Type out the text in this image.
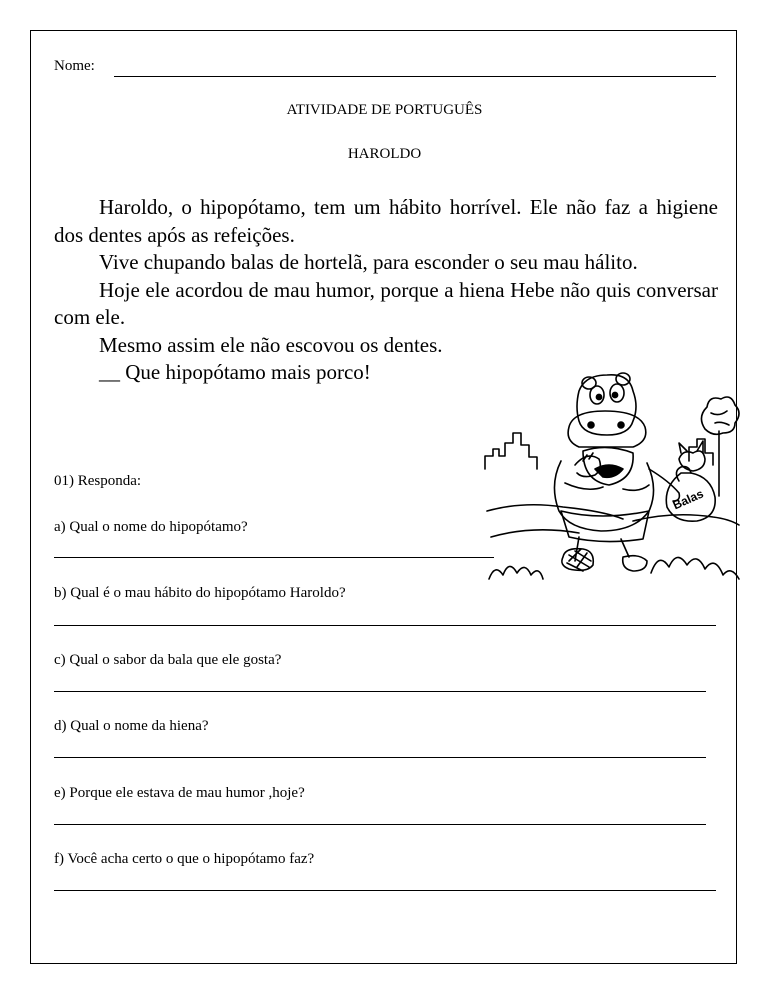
Nome:
ATIVIDADE DE PORTUGUÊS
HAROLDO

Haroldo, o hipopótamo, tem um hábito horrível. Ele não faz a higiene dos dentes após as refeições.

Vive chupando balas de hortelã, para esconder o seu mau hálito.

Hoje ele acordou de mau humor, porque a hiena Hebe não quis conversar com ele.

Mesmo assim ele não escovou os dentes.

__ Que hipopótamo mais porco!

Balas
01) Responda:
a) Qual o nome do hipopótamo?
b) Qual é o mau hábito do hipopótamo Haroldo?
c) Qual o sabor da bala que ele gosta?
d) Qual o nome da hiena?
e) Porque ele estava de mau humor ,hoje?
f) Você acha certo o que o hipopótamo faz?
